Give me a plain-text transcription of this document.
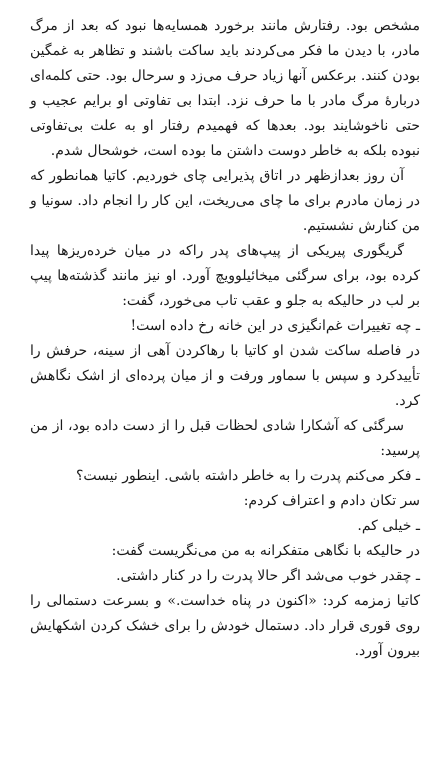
مشخص بود. رفتارش مانند برخورد همسایه‌ها نبود که بعد از مرگ مادر، با دیدن ما فکر می‌کردند باید ساکت باشند و تظاهر به غمگین بودن کنند. برعکس آنها زیاد حرف می‌زد و سرحال بود. حتی کلمه‌ای دربارهٔ مرگ مادر با ما حرف نزد. ابتدا بی تفاوتی او برایم عجیب و حتی ناخوشایند بود. بعدها که فهمیدم رفتار او به علت بی‌تفاوتی نبوده بلکه به خاطر دوست داشتن ما بوده است، خوشحال شدم.

آن روز بعدازظهر در اتاق پذیرایی چای خوردیم. کاتیا همانطور که در زمان مادرم برای ما چای می‌ریخت، این کار را انجام داد. سونیا و من کنارش نشستیم.

گریگوری پیریکی از پیپ‌های پدر راکه در میان خرده‌ریزها پیدا کرده بود، برای سرگئی میخائیلوویچ آورد. او نیز مانند گذشته‌ها پیپ بر لب در حالیکه به جلو و عقب تاب می‌خورد، گفت:

ـ چه تغییرات غم‌انگیزی در این خانه رخ داده است!

در فاصله ساکت شدن او کاتیا با رهاکردن آهی از سینه، حرفش را تأییدکرد و سپس با سماور ورفت و از میان پرده‌ای از اشک نگاهش کرد.

سرگئی که آشکارا شادی لحظات قبل را از دست داده بود، از من پرسید:

ـ فکر می‌کنم پدرت را به خاطر داشته باشی. اینطور نیست؟

سر تکان دادم و اعتراف کردم:

ـ خیلی کم.

در حالیکه با نگاهی متفکرانه به من می‌نگریست گفت:

ـ چقدر خوب می‌شد اگر حالا پدرت را در کنار داشتی.

کاتیا زمزمه کرد: «اکنون در پناه خداست.» و بسرعت دستمالی را روی قوری قرار داد. دستمال خودش را برای خشک کردن اشکهایش بیرون آورد.
